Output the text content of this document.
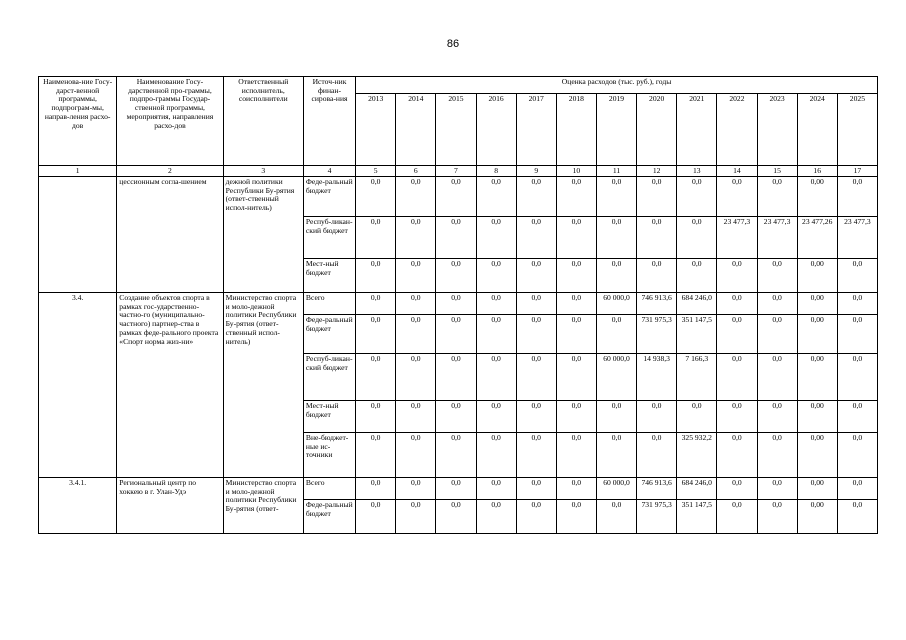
86
Наименова-ние Госу-дарст-венной программы, подпрограм-мы, направ-ления расхо-дов	Наименование Госу-дарственной про-граммы, подпро-граммы Государ-ственной программы, мероприятия, направления расхо-дов	Ответственный исполнитель, соисполнители	Источ-ник финан-сирова-ния	Оценка расходов (тыс. руб.), годы												
				2013	2014	2015	2016	2017	2018	2019	2020	2021	2022	2023	2024	2025
1	2	3	4	5	6	7	8	9	10	11	12	13	14	15	16	17
	цессионным согла-шением	дежной политики Республики Бу-рятия (ответ-ственный испол-нитель)	Феде-ральный бюджет	0,0	0,0	0,0	0,0	0,0	0,0	0,0	0,0	0,0	0,0	0,0	0,00	0,0
			Респуб-ликан-ский бюджет	0,0	0,0	0,0	0,0	0,0	0,0	0,0	0,0	0,0	23 477,3	23 477,3	23 477,26	23 477,3
			Мест-ный бюджет	0,0	0,0	0,0	0,0	0,0	0,0	0,0	0,0	0,0	0,0	0,0	0,00	0,0
3.4.	Создание объектов спорта в рамках гос-ударственно- частно-го (муниципально-частного) партнер-ства в рамках феде-рального проекта «Спорт норма жиз-ни»	Министерство спорта и моло-дежной политики Республики Бу-рятия (ответ-ственный испол-нитель)	Всего	0,0	0,0	0,0	0,0	0,0	0,0	60 000,0	746 913,6	684 246,0	0,0	0,0	0,00	0,0
			Феде-ральный бюджет	0,0	0,0	0,0	0,0	0,0	0,0	0,0	731 975,3	351 147,5	0,0	0,0	0,00	0,0
			Респуб-ликан-ский бюджет	0,0	0,0	0,0	0,0	0,0	0,0	60 000,0	14 938,3	7 166,3	0,0	0,0	0,00	0,0
			Мест-ный бюджет	0,0	0,0	0,0	0,0	0,0	0,0	0,0	0,0	0,0	0,0	0,0	0,00	0,0
			Вне-бюджет-ные ис-точники	0,0	0,0	0,0	0,0	0,0	0,0	0,0	0,0	325 932,2	0,0	0,0	0,00	0,0
3.4.1.	Региональный центр по хоккею в г. Улан-Удэ	Министерство спорта и моло-дежной политики Республики Бу-рятия (ответ-	Всего	0,0	0,0	0,0	0,0	0,0	0,0	60 000,0	746 913,6	684 246,0	0,0	0,0	0,00	0,0
			Феде-ральный бюджет	0,0	0,0	0,0	0,0	0,0	0,0	0,0	731 975,3	351 147,5	0,0	0,0	0,00	0,0
